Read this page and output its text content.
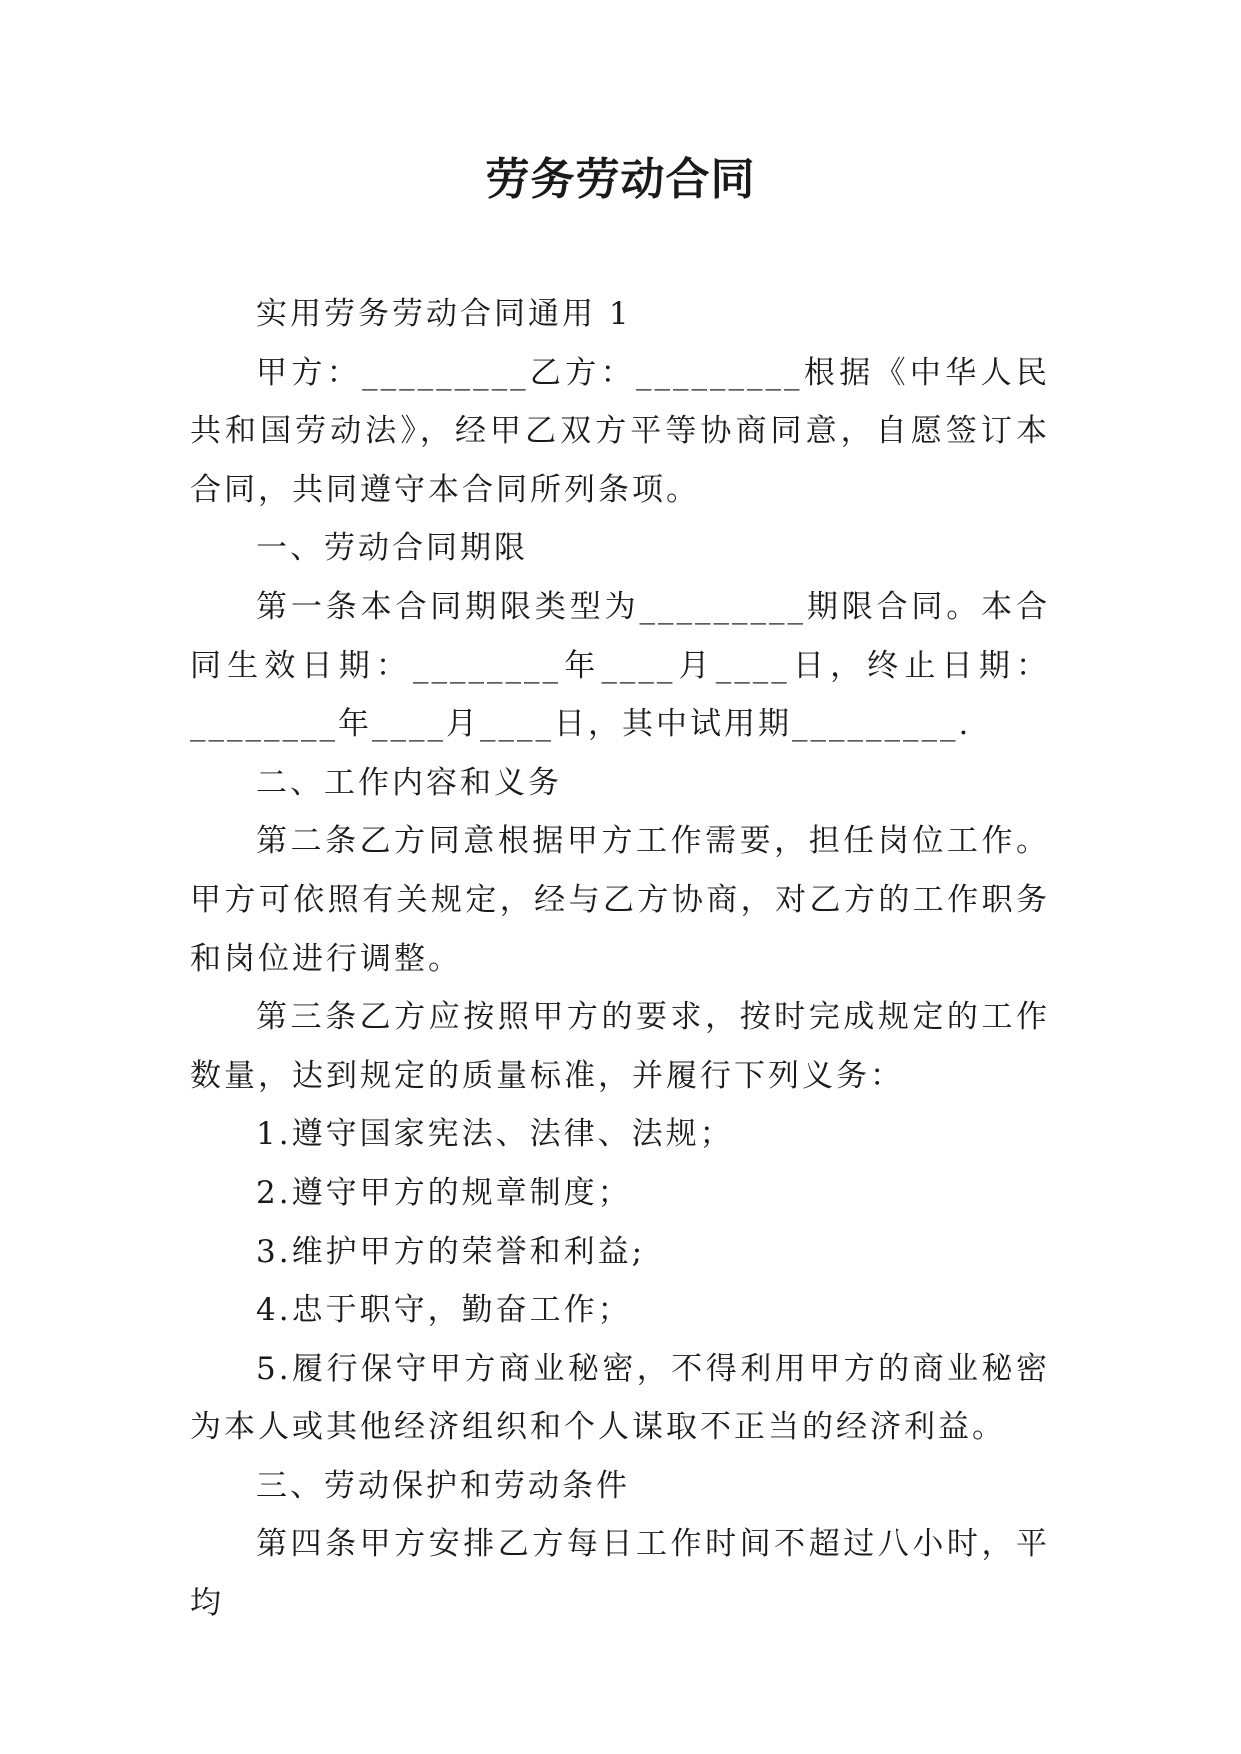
劳务劳动合同

实用劳务劳动合同通用 1

甲方：_________乙方：_________根据《中华人民共和国劳动法》，经甲乙双方平等协商同意，自愿签订本合同，共同遵守本合同所列条项。

一、劳动合同期限

第一条本合同期限类型为_________期限合同。本合同生效日期：________年____月____日，终止日期：________年____月____日，其中试用期_________.

二、工作内容和义务

第二条乙方同意根据甲方工作需要，担任岗位工作。甲方可依照有关规定，经与乙方协商，对乙方的工作职务和岗位进行调整。

第三条乙方应按照甲方的要求，按时完成规定的工作数量，达到规定的质量标准，并履行下列义务：

1.遵守国家宪法、法律、法规；

2.遵守甲方的规章制度；

3.维护甲方的荣誉和利益;

4.忠于职守，勤奋工作；

5.履行保守甲方商业秘密，不得利用甲方的商业秘密为本人或其他经济组织和个人谋取不正当的经济利益。

三、劳动保护和劳动条件

第四条甲方安排乙方每日工作时间不超过八小时，平均
